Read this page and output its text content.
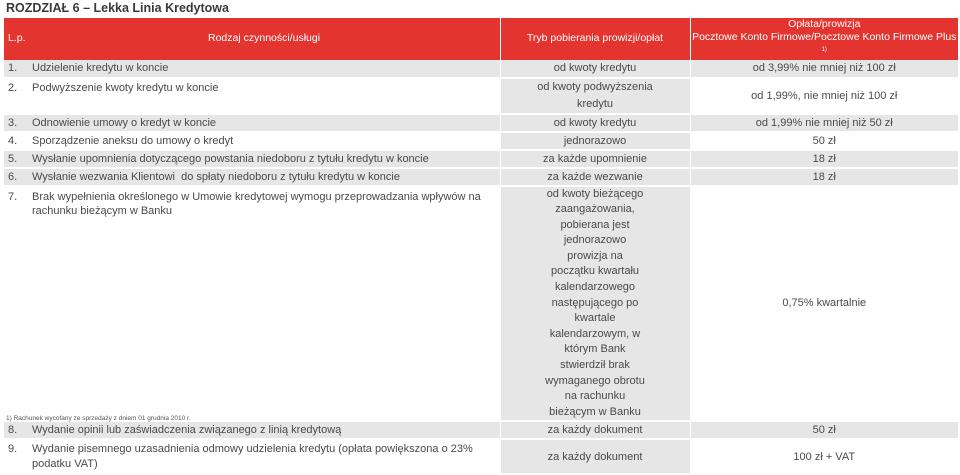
ROZDZIAŁ 6 – Lekka Linia Kredytowa
L.p. Rodzaj czynności/usługi	Tryb pobierania prowizji/opłat	Opłata/prowizja
Pocztowe Konto Firmowe/Pocztowe Konto Firmowe Plus $^{1)}$

1. Udzielenie kredytu w koncie	od kwoty kredytu	od 3,99% nie mniej niż 100 zł
2. Podwyższenie kwoty kredytu w koncie	od kwoty podwyższenia kredytu	od 1,99%, nie mniej niż 100 zł
3. Odnowienie umowy o kredyt w koncie	od kwoty kredytu	od 1,99% nie mniej niż 50 zł
4. Sporządzenie aneksu do umowy o kredyt	jednorazowo	50 zł
5. Wysłanie upomnienia dotyczącego powstania niedoboru z tytułu kredytu w koncie	za każde upomnienie	18 zł
6. Wysłanie wezwania Klientowi  do spłaty niedoboru z tytułu kredytu w koncie	za każde wezwanie	18 zł
7. Brak wypełnienia określonego w Umowie kredytowej wymogu przeprowadzania wpływów na rachunku bieżącym w Banku	od kwoty bieżącego zaangażowania, pobierana jest jednorazowo prowizja na początku kwartału kalendarzowego następującego po kwartale kalendarzowym, w którym Bank stwierdził brak wymaganego obrotu na rachunku bieżącym w Banku	0,75% kwartalnie
8. Wydanie opinii lub zaświadczenia związanego z linią kredytową	za każdy dokument	50 zł
9. Wydanie pisemnego uzasadnienia odmowy udzielenia kredytu (opłata powiększona o 23% podatku VAT)	za każdy dokument	100 zł + VAT
1) Rachunek wycofany ze sprzedaży z dniem 01 grudnia 2010 r.
